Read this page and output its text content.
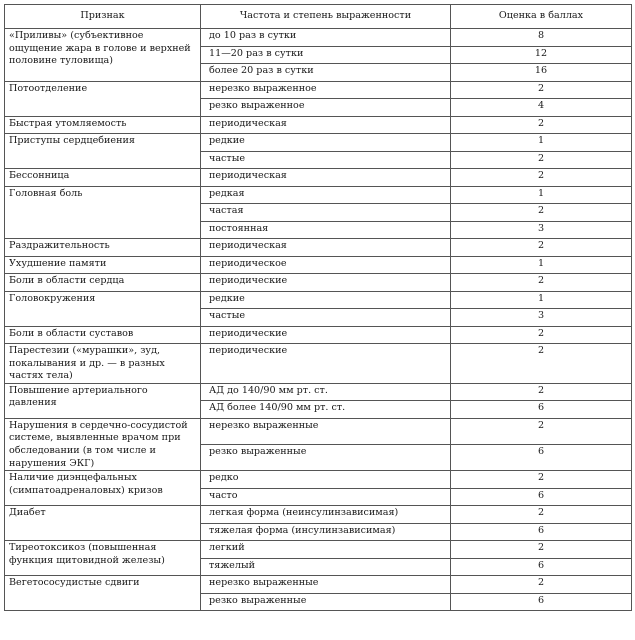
Признак	Частота и степень выраженности	Оценка в баллах
«Приливы» (субъективное ощущение жара в голове и верхней половине туловища)	до 10 раз в сутки	8
	11—20 раз в сутки	12
	более 20 раз в сутки	16
Потоотделение	нерезко выраженное	2
	резко выраженное	4
Быстрая утомляемость	периодическая	2
Приступы сердцебиения	редкие	1
	частые	2
Бессонница	периодическая	2
Головная боль	редкая	1
	частая	2
	постоянная	3
Раздражительность	периодическая	2
Ухудшение памяти	периодическое	1
Боли в области сердца	периодические	2
Головокружения	редкие	1
	частые	3
Боли в области суставов	периодические	2
Парестезии («мурашки», зуд, покалывания и др. — в разных частях тела)	периодические	2
Повышение артериального давления	АД до 140/90 мм рт. ст.	2
	АД более 140/90 мм рт. ст.	6
Нарушения в сердечно-сосудистой системе, выявленные врачом при обследовании (в том числе и нарушения ЭКГ)	нерезко выраженные	2
	резко выраженные	6
Наличие диэнцефальных (симпатоадреналовых) кризов	редко	2
	часто	6
Диабет	легкая форма (неинсулинзависимая)	2
	тяжелая форма (инсулинзависимая)	6
Тиреотоксикоз (повышенная функция щитовидной железы)	легкий	2
	тяжелый	6
Вегетососудистые сдвиги	нерезко выраженные	2
	резко выраженные	6
